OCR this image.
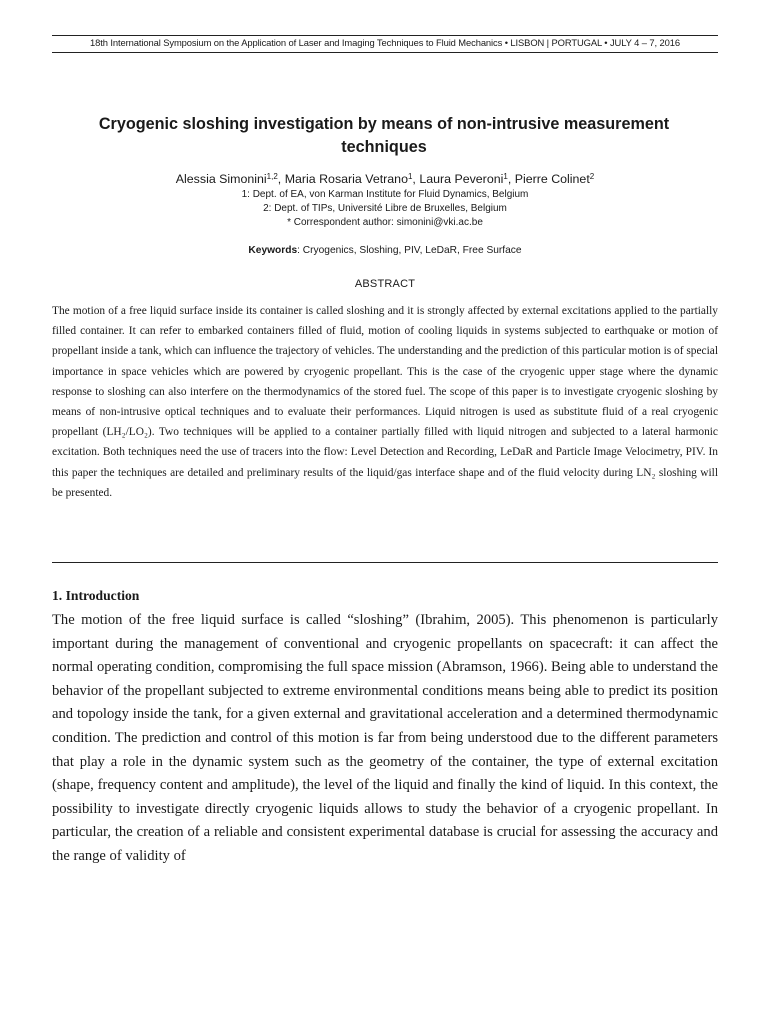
18th International Symposium on the Application of Laser and Imaging Techniques to Fluid Mechanics • LISBON | PORTUGAL • JULY 4 – 7, 2016
Cryogenic sloshing investigation by means of non-intrusive measurement techniques
Alessia Simonini$^{1,2}$, Maria Rosaria Vetrano$^1$, Laura Peveroni$^1$, Pierre Colinet$^2$
1: Dept. of EA, von Karman Institute for Fluid Dynamics, Belgium
2: Dept. of TIPs, Université Libre de Bruxelles, Belgium
* Correspondent author: simonini@vki.ac.be
Keywords: Cryogenics, Sloshing, PIV, LeDaR, Free Surface
ABSTRACT
The motion of a free liquid surface inside its container is called sloshing and it is strongly affected by external excitations applied to the partially filled container. It can refer to embarked containers filled of fluid, motion of cooling liquids in systems subjected to earthquake or motion of propellant inside a tank, which can influence the trajectory of vehicles. The understanding and the prediction of this particular motion is of special importance in space vehicles which are powered by cryogenic propellant. This is the case of the cryogenic upper stage where the dynamic response to sloshing can also interfere on the thermodynamics of the stored fuel. The scope of this paper is to investigate cryogenic sloshing by means of non-intrusive optical techniques and to evaluate their performances. Liquid nitrogen is used as substitute fluid of a real cryogenic propellant (LH₂/LO₂). Two techniques will be applied to a container partially filled with liquid nitrogen and subjected to a lateral harmonic excitation. Both techniques need the use of tracers into the flow: Level Detection and Recording, LeDaR and Particle Image Velocimetry, PIV. In this paper the techniques are detailed and preliminary results of the liquid/gas interface shape and of the fluid velocity during LN₂ sloshing will be presented.
1. Introduction
The motion of the free liquid surface is called “sloshing” (Ibrahim, 2005). This phenomenon is particularly important during the management of conventional and cryogenic propellants on spacecraft: it can affect the normal operating condition, compromising the full space mission (Abramson, 1966). Being able to understand the behavior of the propellant subjected to extreme environmental conditions means being able to predict its position and topology inside the tank, for a given external and gravitational acceleration and a determined thermodynamic condition. The prediction and control of this motion is far from being understood due to the different parameters that play a role in the dynamic system such as the geometry of the container, the type of external excitation (shape, frequency content and amplitude), the level of the liquid and finally the kind of liquid. In this context, the possibility to investigate directly cryogenic liquids allows to study the behavior of a cryogenic propellant. In particular, the creation of a reliable and consistent experimental database is crucial for assessing the accuracy and the range of validity of
